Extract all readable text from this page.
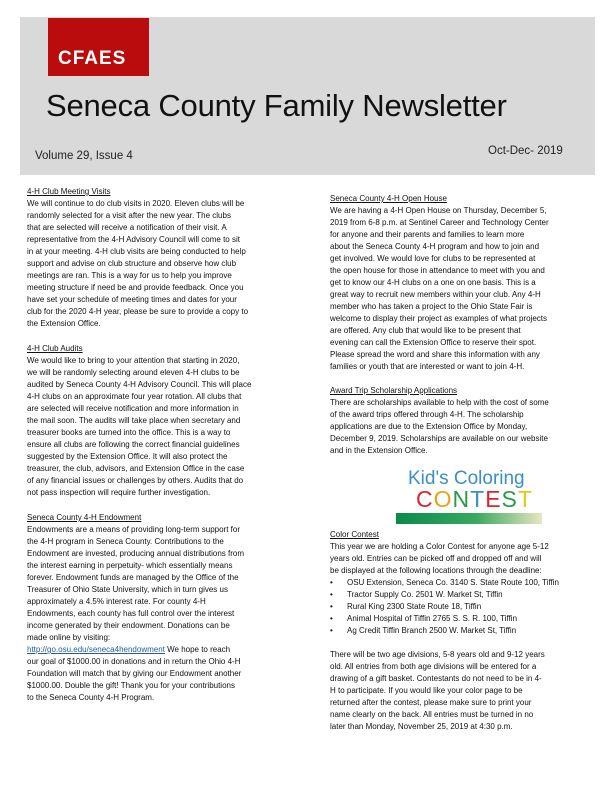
CFAES
Seneca County Family Newsletter
Volume 29, Issue 4	Oct-Dec- 2019
4-H Club Meeting Visits
We will continue to do club visits in 2020. Eleven clubs will be
randomly selected for a visit after the new year. The clubs
that are selected will receive a notification of their visit. A
representative from the 4-H Advisory Council will come to sit
in at your meeting. 4-H club visits are being conducted to help
support and advise on club structure and observe how club
meetings are ran. This is a way for us to help you improve
meeting structure if need be and provide feedback. Once you
have set your schedule of meeting times and dates for your
club for the 2020 4-H year, please be sure to provide a copy to
the Extension Office.
4-H Club Audits
We would like to bring to your attention that starting in 2020,
we will be randomly selecting around eleven 4-H clubs to be
audited by Seneca County 4-H Advisory Council. This will place
4-H clubs on an approximate four year rotation. All clubs that
are selected will receive notification and more information in
the mail soon. The audits will take place when secretary and
treasurer books are turned into the office. This is a way to
ensure all clubs are following the correct financial guidelines
suggested by the Extension Office. It will also protect the
treasurer, the club, advisors, and Extension Office in the case
of any financial issues or challenges by others. Audits that do
not pass inspection will require further investigation.
Seneca County 4-H Endowment
Endowments are a means of providing long-term support for
the 4-H program in Seneca County. Contributions to the
Endowment are invested, producing annual distributions from
the interest earning in perpetuity- which essentially means
forever. Endowment funds are managed by the Office of the
Treasurer of Ohio State University, which in turn gives us
approximately a 4.5% interest rate. For county 4-H
Endowments, each county has full control over the interest
income generated by their endowment. Donations can be
made online by visiting:
http://go.osu.edu/seneca4hendowment We hope to reach
our goal of $1000.00 in donations and in return the Ohio 4-H
Foundation will match that by giving our Endowment another
$1000.00. Double the gift! Thank you for your contributions
to the Seneca County 4-H Program.
Seneca County 4-H Open House
We are having a 4-H Open House on Thursday, December 5,
2019 from 6-8 p.m. at Sentinel Career and Technology Center
for anyone and their parents and families to learn more
about the Seneca County 4-H program and how to join and
get involved. We would love for clubs to be represented at
the open house for those in attendance to meet with you and
get to know our 4-H clubs on a one on one basis. This is a
great way to recruit new members within your club. Any 4-H
member who has taken a project to the Ohio State Fair is
welcome to display their project as examples of what projects
are offered. Any club that would like to be present that
evening can call the Extension Office to reserve their spot.
Please spread the word and share this information with any
families or youth that are interested or want to join 4-H.
Award Trip Scholarship Applications
There are scholarships available to help with the cost of some
of the award trips offered through 4-H. The scholarship
applications are due to the Extension Office by Monday,
December 9, 2019. Scholarships are available on our website
and in the Extension Office.
Kid's Coloring
CONTEST
Color Contest
This year we are holding a Color Contest for anyone age 5-12
years old. Entries can be picked off and dropped off and will
be displayed at the following locations through the deadline:
• OSU Extension, Seneca Co. 3140 S. State Route 100, Tiffin
• Tractor Supply Co. 2501 W. Market St, Tiffin
• Rural King 2300 State Route 18, Tiffin
• Animal Hospital of Tiffin 2765 S. S. R. 100, Tiffin
• Ag Credit Tiffin Branch 2500 W. Market St, Tiffin

There will be two age divisions, 5-8 years old and 9-12 years
old. All entries from both age divisions will be entered for a
drawing of a gift basket. Contestants do not need to be in 4-
H to participate. If you would like your color page to be
returned after the contest, please make sure to print your
name clearly on the back. All entries must be turned in no
later than Monday, November 25, 2019 at 4:30 p.m.
